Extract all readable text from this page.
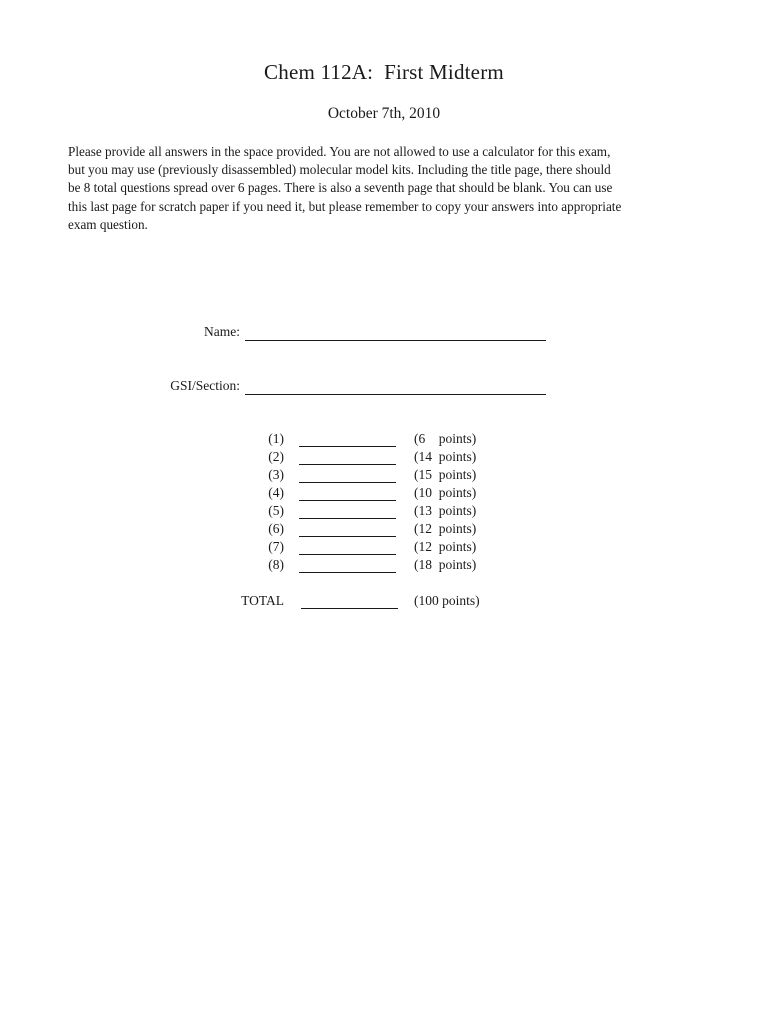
Chem 112A:  First Midterm
October 7th, 2010
Please provide all answers in the space provided. You are not allowed to use a calculator for this exam,
but you may use (previously disassembled) molecular model kits. Including the title page, there should
be 8 total questions spread over 6 pages. There is also a seventh page that should be blank. You can use
this last page for scratch paper if you need it, but please remember to copy your answers into appropriate
exam question.
Name:
GSI/Section:
(1)	(6    points)
(2)	(14  points)
(3)	(15  points)
(4)	(10  points)
(5)	(13  points)
(6)	(12  points)
(7)	(12  points)
(8)	(18  points)
TOTAL	(100 points)
